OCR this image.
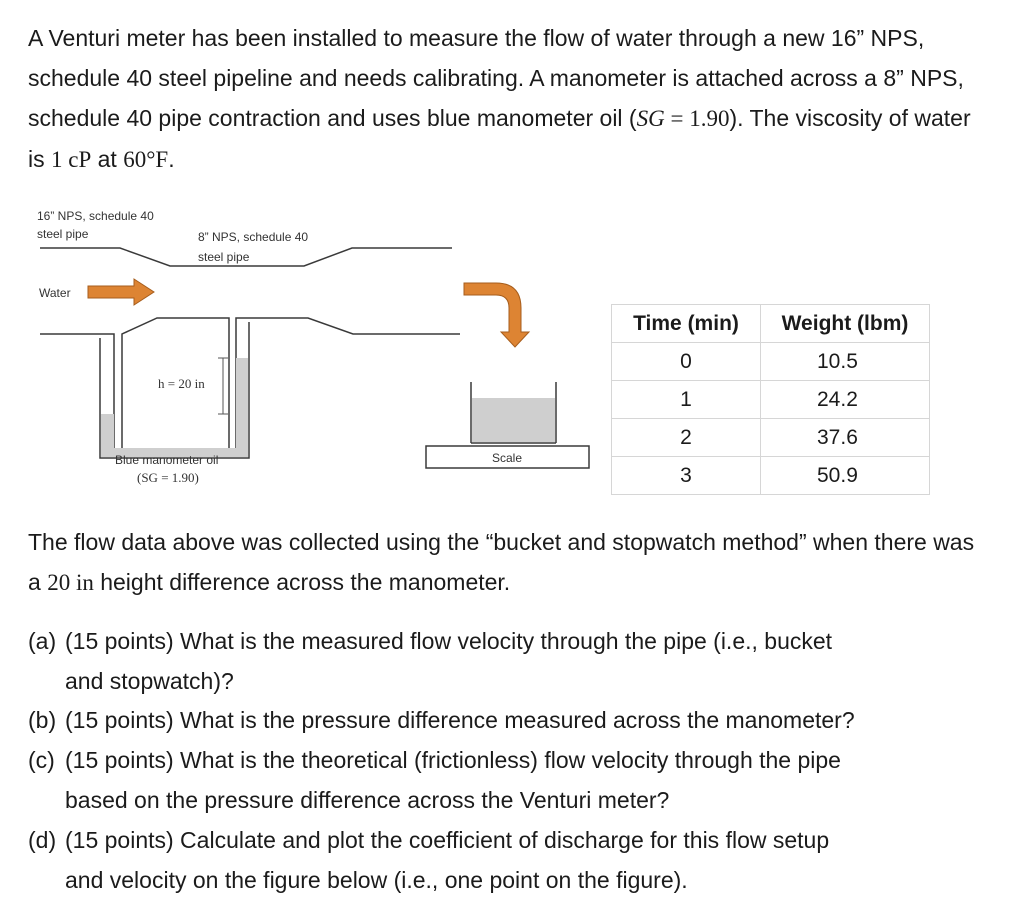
A Venturi meter has been installed to measure the flow of water through a new 16” NPS, schedule 40 steel pipeline and needs calibrating. A manometer is attached across a 8” NPS, schedule 40 pipe contraction and uses blue manometer oil (SG = 1.90). The viscosity of water is 1 cP at 60°F.
16” NPS, schedule 40
steel pipe	8” NPS, schedule 40
steel pipe
Water
h = 20 in
Blue manometer oil
(SG = 1.90)
Scale
Time (min)	Weight (lbm)
0	10.5
1	24.2
2	37.6
3	50.9
The flow data above was collected using the “bucket and stopwatch method” when there was a 20 in height difference across the manometer.
(a) (15 points) What is the measured flow velocity through the pipe (i.e., bucket
and stopwatch)?
(b) (15 points) What is the pressure difference measured across the manometer?
(c) (15 points) What is the theoretical (frictionless) flow velocity through the pipe
based on the pressure difference across the Venturi meter?
(d) (15 points) Calculate and plot the coefficient of discharge for this flow setup
and velocity on the figure below (i.e., one point on the figure).
